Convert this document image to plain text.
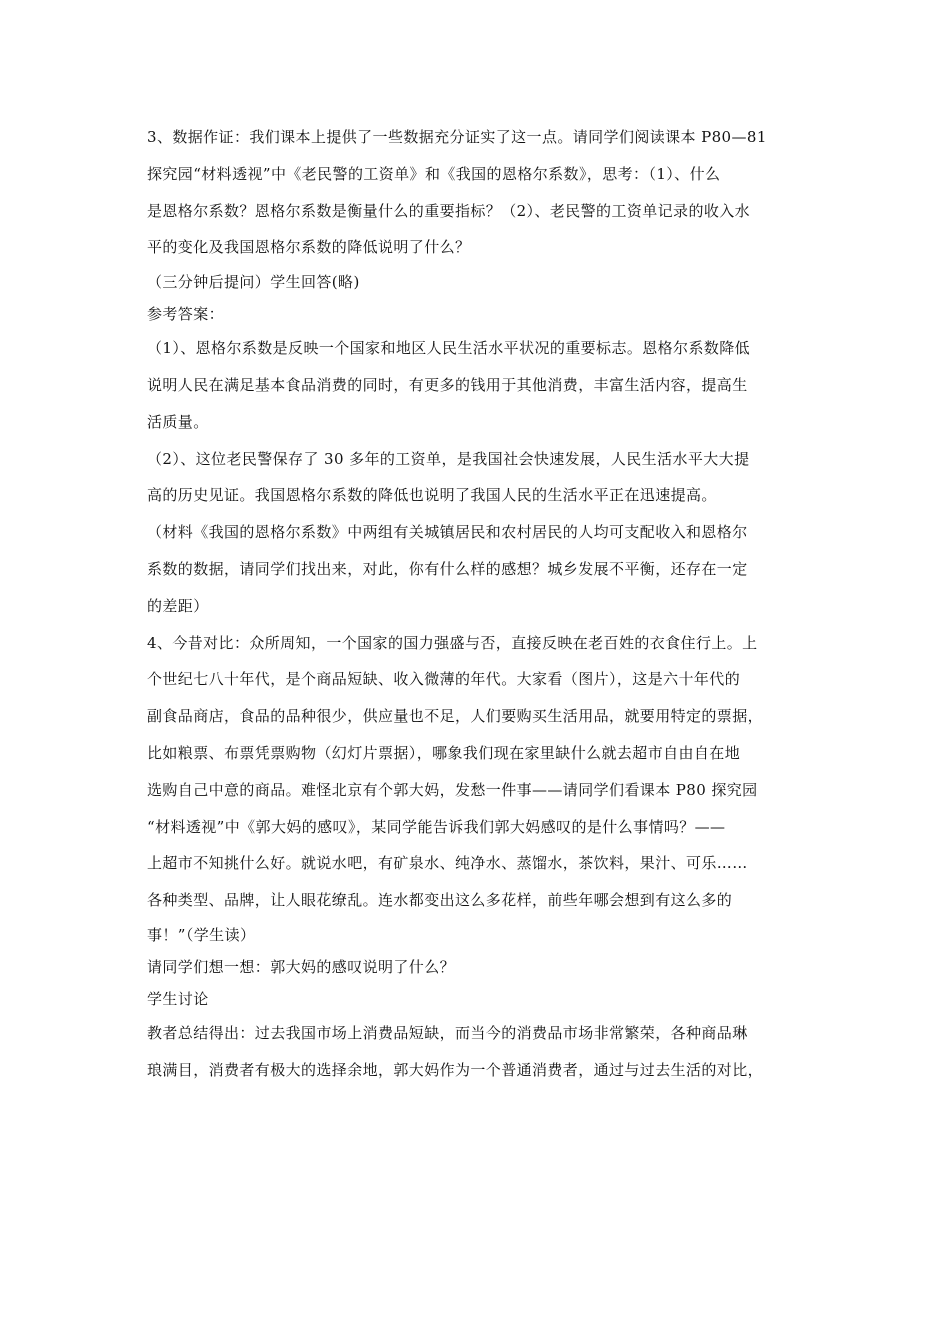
3、数据作证：我们课本上提供了一些数据充分证实了这一点。请同学们阅读课本 P80—81
探究园“材料透视”中《老民警的工资单》和《我国的恩格尔系数》，思考：（1）、什么
是恩格尔系数？恩格尔系数是衡量什么的重要指标？（2）、老民警的工资单记录的收入水
平的变化及我国恩格尔系数的降低说明了什么？
（三分钟后提问）学生回答(略)
参考答案：
（1）、恩格尔系数是反映一个国家和地区人民生活水平状况的重要标志。恩格尔系数降低
说明人民在满足基本食品消费的同时，有更多的钱用于其他消费，丰富生活内容，提高生
活质量。
（2）、这位老民警保存了 30 多年的工资单，是我国社会快速发展，人民生活水平大大提
高的历史见证。我国恩格尔系数的降低也说明了我国人民的生活水平正在迅速提高。
（材料《我国的恩格尔系数》中两组有关城镇居民和农村居民的人均可支配收入和恩格尔
系数的数据，请同学们找出来，对此，你有什么样的感想？城乡发展不平衡，还存在一定
的差距）
4、今昔对比：众所周知，一个国家的国力强盛与否，直接反映在老百姓的衣食住行上。上
个世纪七八十年代，是个商品短缺、收入微薄的年代。大家看（图片），这是六十年代的
副食品商店，食品的品种很少，供应量也不足，人们要购买生活用品，就要用特定的票据，
比如粮票、布票凭票购物（幻灯片票据），哪象我们现在家里缺什么就去超市自由自在地
选购自己中意的商品。难怪北京有个郭大妈，发愁一件事——请同学们看课本 P80 探究园
“材料透视”中《郭大妈的感叹》，某同学能告诉我们郭大妈感叹的是什么事情吗？——
上超市不知挑什么好。就说水吧，有矿泉水、纯净水、蒸馏水，茶饮料，果汁、可乐……
各种类型、品牌，让人眼花缭乱。连水都变出这么多花样，前些年哪会想到有这么多的
事！”（学生读）
请同学们想一想：郭大妈的感叹说明了什么？
学生讨论
教者总结得出：过去我国市场上消费品短缺，而当今的消费品市场非常繁荣，各种商品琳
琅满目，消费者有极大的选择余地，郭大妈作为一个普通消费者，通过与过去生活的对比，
